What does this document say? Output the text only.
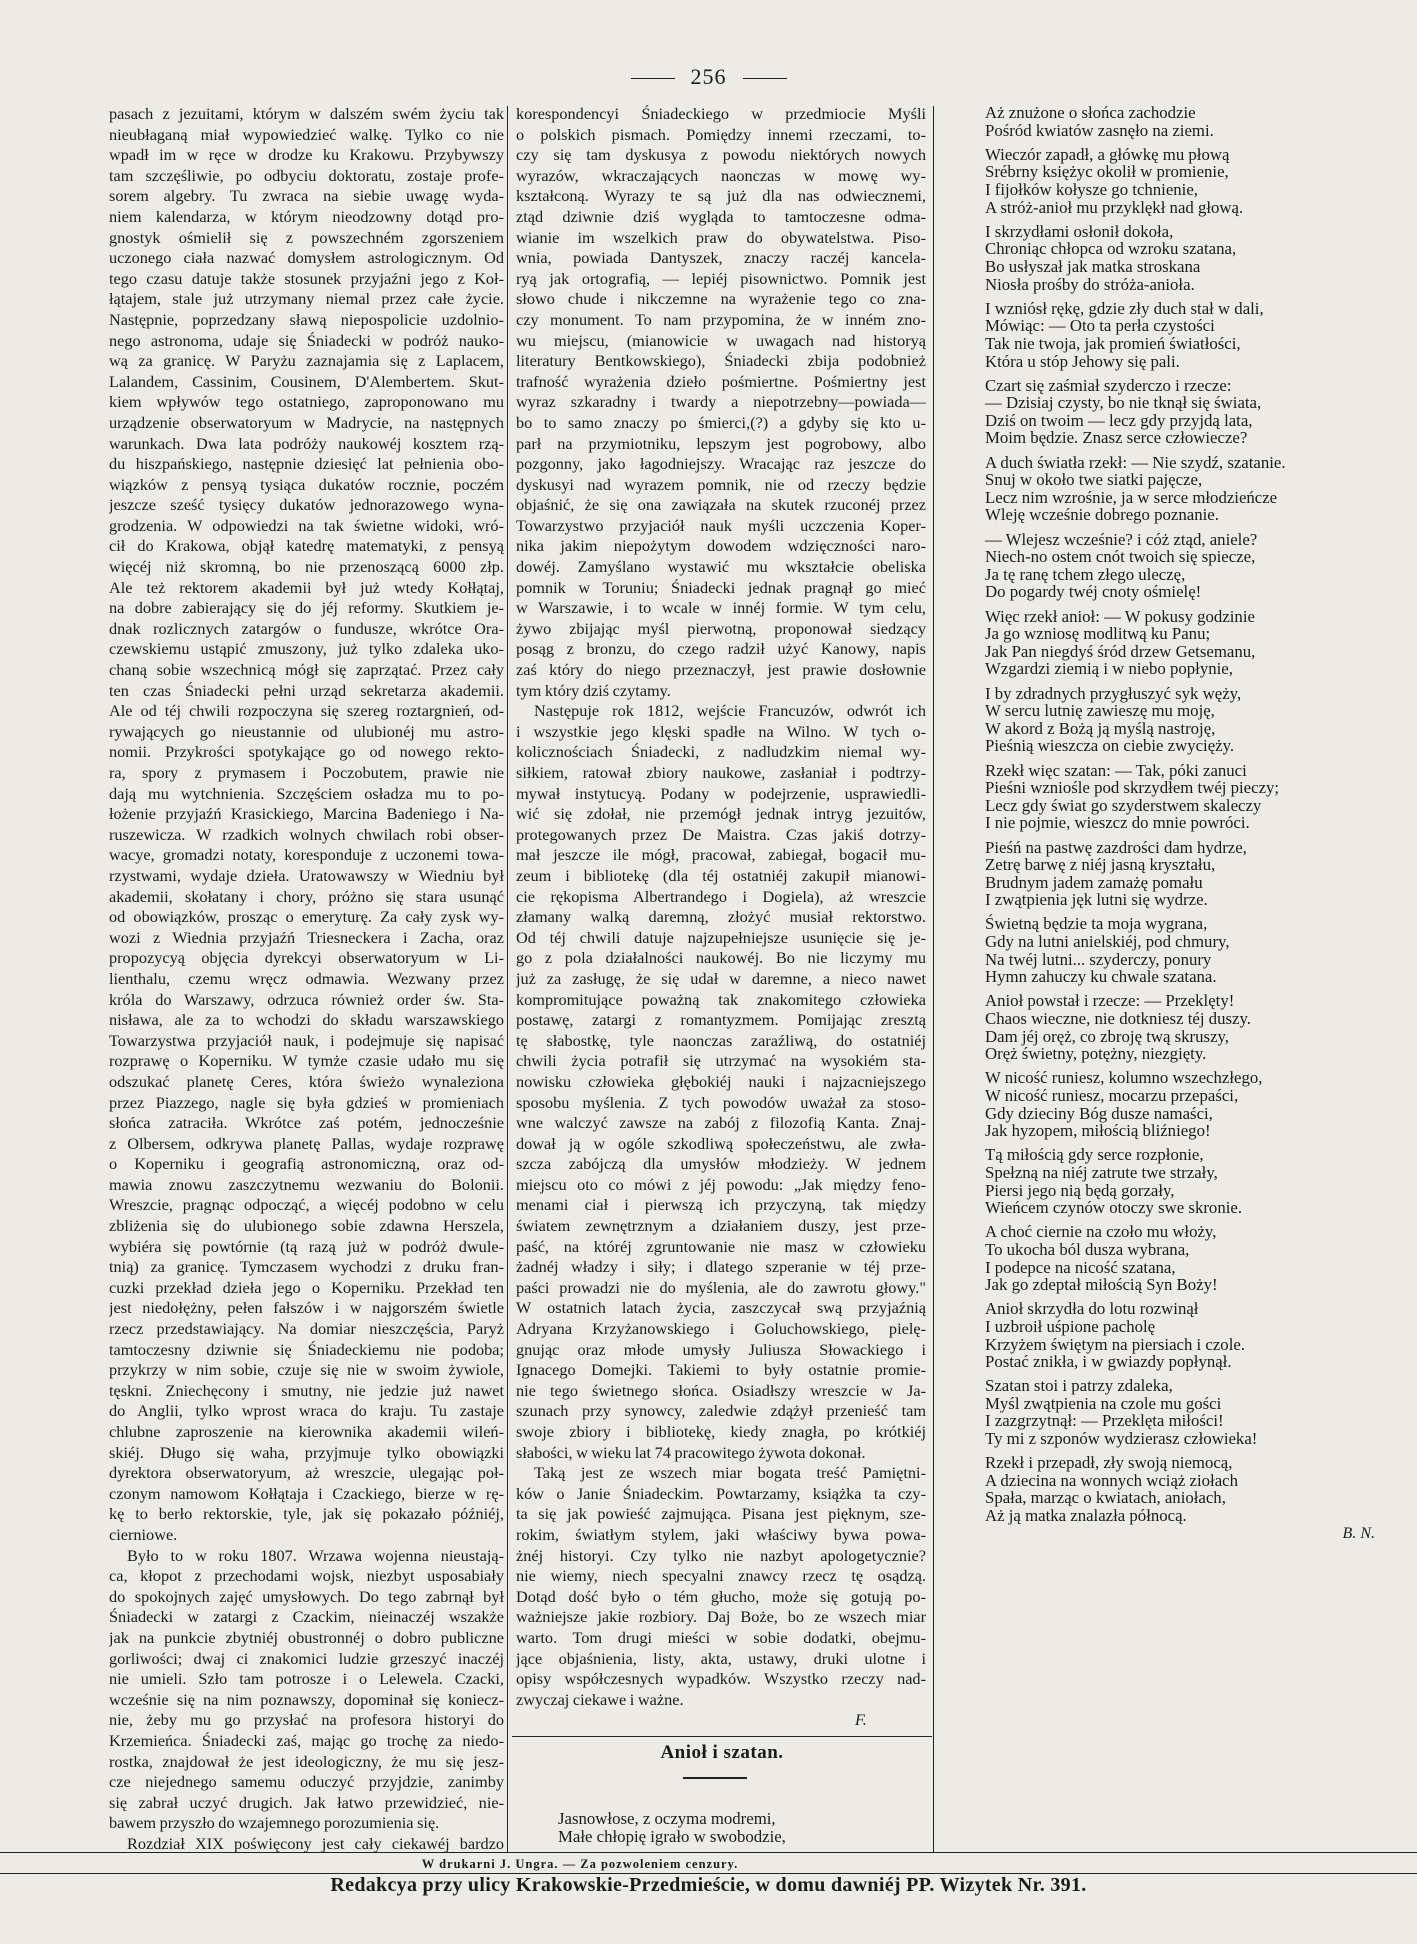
256
pasach z jezuitami, którym w dalszém swém życiu tak
nieubłaganą miał wypowiedzieć walkę. Tylko co nie
wpadł im w ręce w drodze ku Krakowu. Przybywszy
tam szczęśliwie, po odbyciu doktoratu, zostaje profe-
sorem algebry. Tu zwraca na siebie uwagę wyda-
niem kalendarza, w którym nieodzowny dotąd pro-
gnostyk ośmielił się z powszechném zgorszeniem
uczonego ciała nazwać domysłem astrologicznym. Od
tego czasu datuje także stosunek przyjaźni jego z Koł-
łątajem, stale już utrzymany niemal przez całe życie.
Następnie, poprzedzany sławą niepospolicie uzdolnio-
nego astronoma, udaje się Śniadecki w podróż nauko-
wą za granicę. W Paryżu zaznajamia się z Laplacem,
Lalandem, Cassinim, Cousinem, D'Alembertem. Skut-
kiem wpływów tego ostatniego, zaproponowano mu
urządzenie obserwatoryum w Madrycie, na następnych
warunkach. Dwa lata podróży naukowéj kosztem rzą-
du hiszpańskiego, następnie dziesięć lat pełnienia obo-
wiązków z pensyą tysiąca dukatów rocznie, poczém
jeszcze sześć tysięcy dukatów jednorazowego wyna-
grodzenia. W odpowiedzi na tak świetne widoki, wró-
cił do Krakowa, objął katedrę matematyki, z pensyą
więcéj niż skromną, bo nie przenoszącą 6000 złp.
Ale też rektorem akademii był już wtedy Kołłątaj,
na dobre zabierający się do jéj reformy. Skutkiem je-
dnak rozlicznych zatargów o fundusze, wkrótce Ora-
czewskiemu ustąpić zmuszony, już tylko zdaleka uko-
chaną sobie wszechnicą mógł się zaprzątać. Przez cały
ten czas Śniadecki pełni urząd sekretarza akademii.
Ale od téj chwili rozpoczyna się szereg roztargnień, od-
rywających go nieustannie od ulubionéj mu astro-
nomii. Przykrości spotykające go od nowego rekto-
ra, spory z prymasem i Poczobutem, prawie nie
dają mu wytchnienia. Szczęściem osładza mu to po-
łożenie przyjaźń Krasickiego, Marcina Badeniego i Na-
ruszewicza. W rzadkich wolnych chwilach robi obser-
wacye, gromadzi notaty, koresponduje z uczonemi towa-
rzystwami, wydaje dzieła. Uratowawszy w Wiedniu był
akademii, skołatany i chory, próżno się stara usunąć
od obowiązków, prosząc o emeryturę. Za cały zysk wy-
wozi z Wiednia przyjaźń Triesneckera i Zacha, oraz
propozycyą objęcia dyrekcyi obserwatoryum w Li-
lienthalu, czemu wręcz odmawia. Wezwany przez
króla do Warszawy, odrzuca również order św. Sta-
nisława, ale za to wchodzi do składu warszawskiego
Towarzystwa przyjaciół nauk, i podejmuje się napisać
rozprawę o Koperniku. W tymże czasie udało mu się
odszukać planetę Ceres, która świeżo wynaleziona
przez Piazzego, nagle się była gdzieś w promieniach
słońca zatraciła. Wkrótce zaś potém, jednocześnie
z Olbersem, odkrywa planetę Pallas, wydaje rozprawę
o Koperniku i geografią astronomiczną, oraz od-
mawia znowu zaszczytnemu wezwaniu do Bolonii.
Wreszcie, pragnąc odpocząć, a więcéj podobno w celu
zbliżenia się do ulubionego sobie zdawna Herszela,
wybiéra się powtórnie (tą razą już w podróż dwule-
tnią) za granicę. Tymczasem wychodzi z druku fran-
cuzki przekład dzieła jego o Koperniku. Przekład ten
jest niedołężny, pełen fałszów i w najgorszém świetle
rzecz przedstawiający. Na domiar nieszczęścia, Paryż
tamtoczesny dziwnie się Śniadeckiemu nie podoba;
przykrzy w nim sobie, czuje się nie w swoim żywiole,
tęskni. Zniechęcony i smutny, nie jedzie już nawet
do Anglii, tylko wprost wraca do kraju. Tu zastaje
chlubne zaproszenie na kierownika akademii wileń-
skiéj. Długo się waha, przyjmuje tylko obowiązki
dyrektora obserwatoryum, aż wreszcie, ulegając poł-
czonym namowom Kołłątaja i Czackiego, bierze w rę-
kę to berło rektorskie, tyle, jak się pokazało późniéj,
cierniowe.
Było to w roku 1807. Wrzawa wojenna nieustają-
ca, kłopot z przechodami wojsk, niezbyt usposabiały
do spokojnych zajęć umysłowych. Do tego zabrnął był
Śniadecki w zatargi z Czackim, nieinaczéj wszakże
jak na punkcie zbytniéj obustronnéj o dobro publiczne
gorliwości; dwaj ci znakomici ludzie grzeszyć inaczéj
nie umieli. Szło tam potrosze i o Lelewela. Czacki,
wcześnie się na nim poznawszy, dopominał się koniecz-
nie, żeby mu go przysłać na profesora historyi do
Krzemieńca. Śniadecki zaś, mając go trochę za niedo-
rostka, znajdował że jest ideologiczny, że mu się jesz-
cze niejednego samemu oduczyć przyjdzie, zanimby
się zabrał uczyć drugich. Jak łatwo przewidzieć, nie-
bawem przyszło do wzajemnego porozumienia się.
Rozdział XIX poświęcony jest cały ciekawéj bardzo
korespondencyi Śniadeckiego w przedmiocie Myśli
o polskich pismach. Pomiędzy innemi rzeczami, to-
czy się tam dyskusya z powodu niektórych nowych
wyrazów, wkraczających naonczas w mowę wy-
kształconą. Wyrazy te są już dla nas odwiecznemi,
ztąd dziwnie dziś wygląda to tamtoczesne odma-
wianie im wszelkich praw do obywatelstwa. Piso-
wnia, powiada Dantyszek, znaczy raczéj kancela-
ryą jak ortografią, — lepiéj pisownictwo. Pomnik jest
słowo chude i nikczemne na wyrażenie tego co zna-
czy monument. To nam przypomina, że w inném zno-
wu miejscu, (mianowicie w uwagach nad historyą
literatury Bentkowskiego), Śniadecki zbija podobnież
trafność wyrażenia dzieło pośmiertne. Pośmiertny jest
wyraz szkaradny i twardy a niepotrzebny—powiada—
bo to samo znaczy po śmierci,(?) a gdyby się kto u-
parł na przymiotniku, lepszym jest pogrobowy, albo
pozgonny, jako łagodniejszy. Wracając raz jeszcze do
dyskusyi nad wyrazem pomnik, nie od rzeczy będzie
objaśnić, że się ona zawiązała na skutek rzuconéj przez
Towarzystwo przyjaciół nauk myśli uczczenia Koper-
nika jakim niepożytym dowodem wdzięczności naro-
dowéj. Zamyślano wystawić mu wkształcie obeliska
pomnik w Toruniu; Śniadecki jednak pragnął go mieć
w Warszawie, i to wcale w innéj formie. W tym celu,
żywo zbijając myśl pierwotną, proponował siedzący
posąg z bronzu, do czego radził użyć Kanowy, napis
zaś który do niego przeznaczył, jest prawie dosłownie
tym który dziś czytamy.
Następuje rok 1812, wejście Francuzów, odwrót ich
i wszystkie jego klęski spadłe na Wilno. W tych o-
kolicznościach Śniadecki, z nadludzkim niemal wy-
siłkiem, ratował zbiory naukowe, zasłaniał i podtrzy-
mywał instytucyą. Podany w podejrzenie, usprawiedli-
wić się zdołał, nie przemógł jednak intryg jezuitów,
protegowanych przez De Maistra. Czas jakiś dotrzy-
mał jeszcze ile mógł, pracował, zabiegał, bogacił mu-
zeum i bibliotekę (dla téj ostatniéj zakupił mianowi-
cie rękopisma Albertrandego i Dogiela), aż wreszcie
złamany walką daremną, złożyć musiał rektorstwo.
Od téj chwili datuje najzupełniejsze usunięcie się je-
go z pola działalności naukowéj. Bo nie liczymy mu
już za zasługę, że się udał w daremne, a nieco nawet
kompromitujące poważną tak znakomitego człowieka
postawę, zatargi z romantyzmem. Pomijając zresztą
tę słabostkę, tyle naonczas zaraźliwą, do ostatniéj
chwili życia potrafił się utrzymać na wysokiém sta-
nowisku człowieka głębokiéj nauki i najzacniejszego
sposobu myślenia. Z tych powodów uważał za stoso-
wne walczyć zawsze na zabój z filozofią Kanta. Znaj-
dował ją w ogóle szkodliwą społeczeństwu, ale zwła-
szcza zabójczą dla umysłów młodzieży. W jednem
miejscu oto co mówi z jéj powodu: „Jak między feno-
menami ciał i pierwszą ich przyczyną, tak między
światem zewnętrznym a działaniem duszy, jest prze-
paść, na któréj zgruntowanie nie masz w człowieku
żadnéj władzy i siły; i dlatego szperanie w téj prze-
paści prowadzi nie do myślenia, ale do zawrotu głowy."
W ostatnich latach życia, zaszczycał swą przyjaźnią
Adryana Krzyżanowskiego i Goluchowskiego, pielę-
gnując oraz młode umysły Juliusza Słowackiego i
Ignacego Domejki. Takiemi to były ostatnie promie-
nie tego świetnego słońca. Osiadłszy wreszcie w Ja-
szunach przy synowcy, zaledwie zdążył przenieść tam
swoje zbiory i bibliotekę, kiedy znagła, po krótkiéj
słabości, w wieku lat 74 pracowitego żywota dokonał.
Taką jest ze wszech miar bogata treść Pamiętni-
ków o Janie Śniadeckim. Powtarzamy, książka ta czy-
ta się jak powieść zajmująca. Pisana jest pięknym, sze-
rokim, światłym stylem, jaki właściwy bywa powa-
żnéj historyi. Czy tylko nie nazbyt apologetycznie?
nie wiemy, niech specyalni znawcy rzecz tę osądzą.
Dotąd dość było o tém głucho, może się gotują po-
ważniejsze jakie rozbiory. Daj Boże, bo ze wszech miar
warto. Tom drugi mieści w sobie dodatki, obejmu-
jące objaśnienia, listy, akta, ustawy, druki ulotne i
opisy współczesnych wypadków. Wszystko rzeczy nad-
zwyczaj ciekawe i ważne.
F.
Anioł i szatan.
Jasnowłose, z oczyma modremi,
Małe chłopię igrało w swobodzie,
Aż znużone o słońca zachodzie
Pośród kwiatów zasnęło na ziemi.
Wieczór zapadł, a główkę mu płową
Srébrny księżyc okolił w promienie,
I fijołków kołysze go tchnienie,
A stróż-anioł mu przyklękł nad głową.
I skrzydłami osłonił dokoła,
Chroniąc chłopca od wzroku szatana,
Bo usłyszał jak matka stroskana
Niosła prośby do stróża-anioła.
I wzniósł rękę, gdzie zły duch stał w dali,
Mówiąc: — Oto ta perła czystości
Tak nie twoja, jak promień światłości,
Która u stóp Jehowy się pali.
Czart się zaśmiał szyderczo i rzecze:
— Dzisiaj czysty, bo nie tknął się świata,
Dziś on twoim — lecz gdy przyjdą lata,
Moim będzie. Znasz serce człowiecze?
A duch światła rzekł: — Nie szydź, szatanie.
Snuj w około twe siatki pajęcze,
Lecz nim wzrośnie, ja w serce młodzieńcze
Wleję wcześnie dobrego poznanie.
— Wlejesz wcześnie? i cóż ztąd, aniele?
Niech-no ostem cnót twoich się spiecze,
Ja tę ranę tchem złego uleczę,
Do pogardy twéj cnoty ośmielę!
Więc rzekł anioł: — W pokusy godzinie
Ja go wzniosę modlitwą ku Panu;
Jak Pan niegdyś śród drzew Getsemanu,
Wzgardzi ziemią i w niebo popłynie,
I by zdradnych przygłuszyć syk węży,
W sercu lutnię zawieszę mu moję,
W akord z Bożą ją myślą nastroję,
Pieśnią wieszcza on ciebie zwycięży.
Rzekł więc szatan: — Tak, póki zanuci
Pieśni wzniośle pod skrzydłem twéj pieczy;
Lecz gdy świat go szyderstwem skaleczy
I nie pojmie, wieszcz do mnie powróci.
Pieśń na pastwę zazdrości dam hydrze,
Zetrę barwę z niéj jasną kryształu,
Brudnym jadem zamażę pomału
I zwątpienia jęk lutni się wydrze.
Świetną będzie ta moja wygrana,
Gdy na lutni anielskiéj, pod chmury,
Na twéj lutni... szyderczy, ponury
Hymn zahuczy ku chwale szatana.
Anioł powstał i rzecze: — Przeklęty!
Chaos wieczne, nie dotkniesz téj duszy.
Dam jéj oręż, co zbroję twą skruszy,
Oręż świetny, potężny, niezgięty.
W nicość runiesz, kolumno wszechzłego,
W nicość runiesz, mocarzu przepaści,
Gdy dzieciny Bóg dusze namaści,
Jak hyzopem, miłością bliźniego!
Tą miłością gdy serce rozpłonie,
Spełzną na niéj zatrute twe strzały,
Piersi jego nią będą gorzały,
Wieńcem czynów otoczy swe skronie.
A choć ciernie na czoło mu włoży,
To ukocha ból dusza wybrana,
I podepce na nicość szatana,
Jak go zdeptał miłością Syn Boży!
Anioł skrzydła do lotu rozwinął
I uzbroił uśpione pacholę
Krzyżem świętym na piersiach i czole.
Postać znikła, i w gwiazdy popłynął.
Szatan stoi i patrzy zdaleka,
Myśl zwątpienia na czole mu gości
I zazgrzytnął: — Przeklęta miłości!
Ty mi z szponów wydzierasz człowieka!
Rzekł i przepadł, zły swoją niemocą,
A dziecina na wonnych wciąż ziołach
Spała, marząc o kwiatach, aniołach,
Aż ją matka znalazła północą.
B. N.
W drukarni J. Ungra. — Za pozwoleniem cenzury.
Redakcya przy ulicy Krakowskie-Przedmieście, w domu dawniéj PP. Wizytek Nr. 391.
